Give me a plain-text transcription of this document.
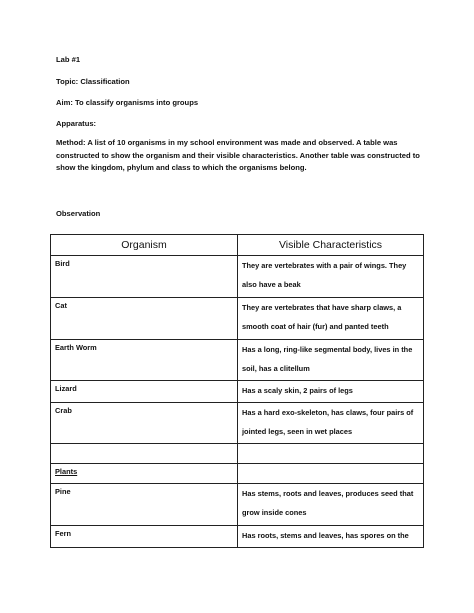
Lab #1
Topic: Classification
Aim: To classify organisms into groups
Apparatus:
Method: A list of 10 organisms in my school environment was made and observed. A table was constructed to show the organism and their visible characteristics. Another table was constructed to show the kingdom, phylum and class to which the organisms belong.
Observation
Organism	Visible Characteristics
Bird	They are vertebrates with a pair of wings. They also have a beak
Cat	They are vertebrates that have sharp claws, a smooth coat of hair (fur) and panted teeth
Earth Worm	Has a long, ring-like segmental body, lives in the soil, has a clitellum
Lizard	Has a scaly skin, 2 pairs of legs
Crab	Has a hard exo-skeleton, has claws, four pairs of jointed legs, seen in wet places

Plants	
Pine	Has stems, roots and leaves, produces seed that grow inside cones
Fern	Has roots, stems and leaves, has spores on the
